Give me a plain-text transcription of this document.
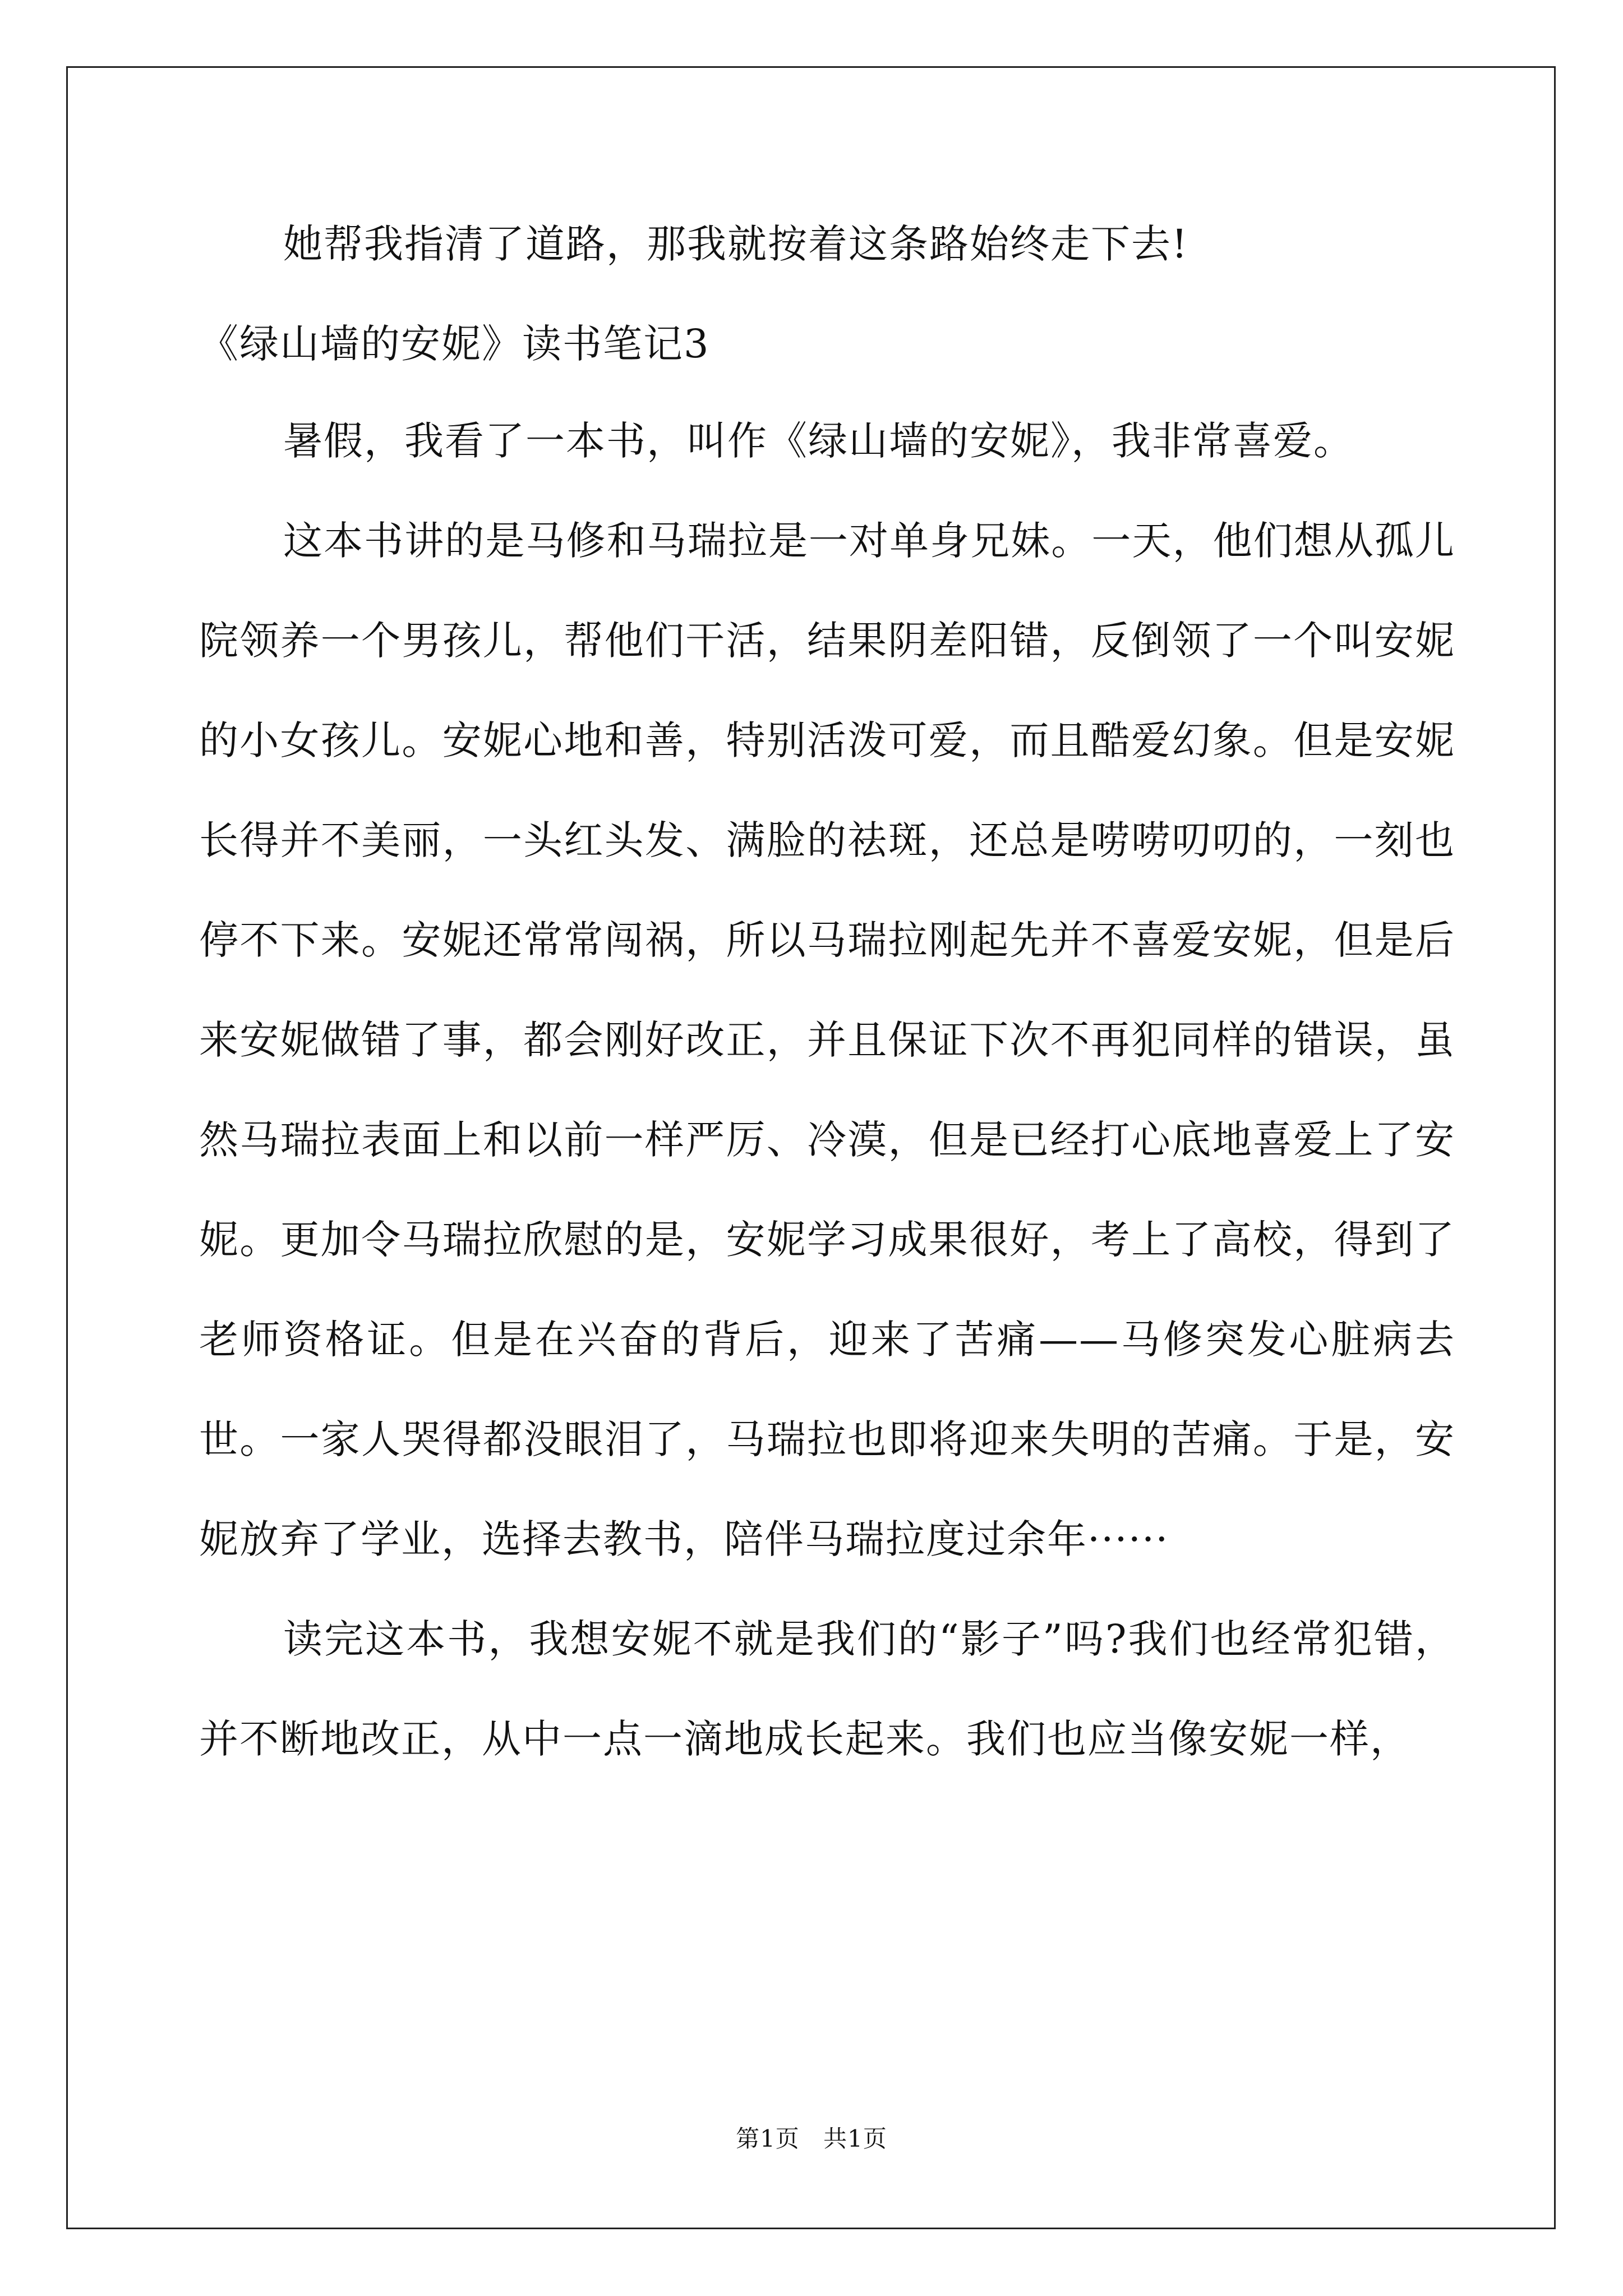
她帮我指清了道路，那我就按着这条路始终走下去!

《绿山墙的安妮》读书笔记3

暑假，我看了一本书，叫作《绿山墙的安妮》，我非常喜爱。

这本书讲的是马修和马瑞拉是一对单身兄妹。一天，他们想从孤儿院领养一个男孩儿，帮他们干活，结果阴差阳错，反倒领了一个叫安妮的小女孩儿。安妮心地和善，特别活泼可爱，而且酷爱幻象。但是安妮长得并不美丽，一头红头发、满脸的祛斑，还总是唠唠叨叨的，一刻也停不下来。安妮还常常闯祸，所以马瑞拉刚起先并不喜爱安妮，但是后来安妮做错了事，都会刚好改正，并且保证下次不再犯同样的错误，虽然马瑞拉表面上和以前一样严厉、冷漠，但是已经打心底地喜爱上了安妮。更加令马瑞拉欣慰的是，安妮学习成果很好，考上了高校，得到了老师资格证。但是在兴奋的背后，迎来了苦痛——马修突发心脏病去世。一家人哭得都没眼泪了，马瑞拉也即将迎来失明的苦痛。于是，安妮放弃了学业，选择去教书，陪伴马瑞拉度过余年······

读完这本书，我想安妮不就是我们的“影子”吗?我们也经常犯错，并不断地改正，从中一点一滴地成长起来。我们也应当像安妮一样，

第1页 共1页
